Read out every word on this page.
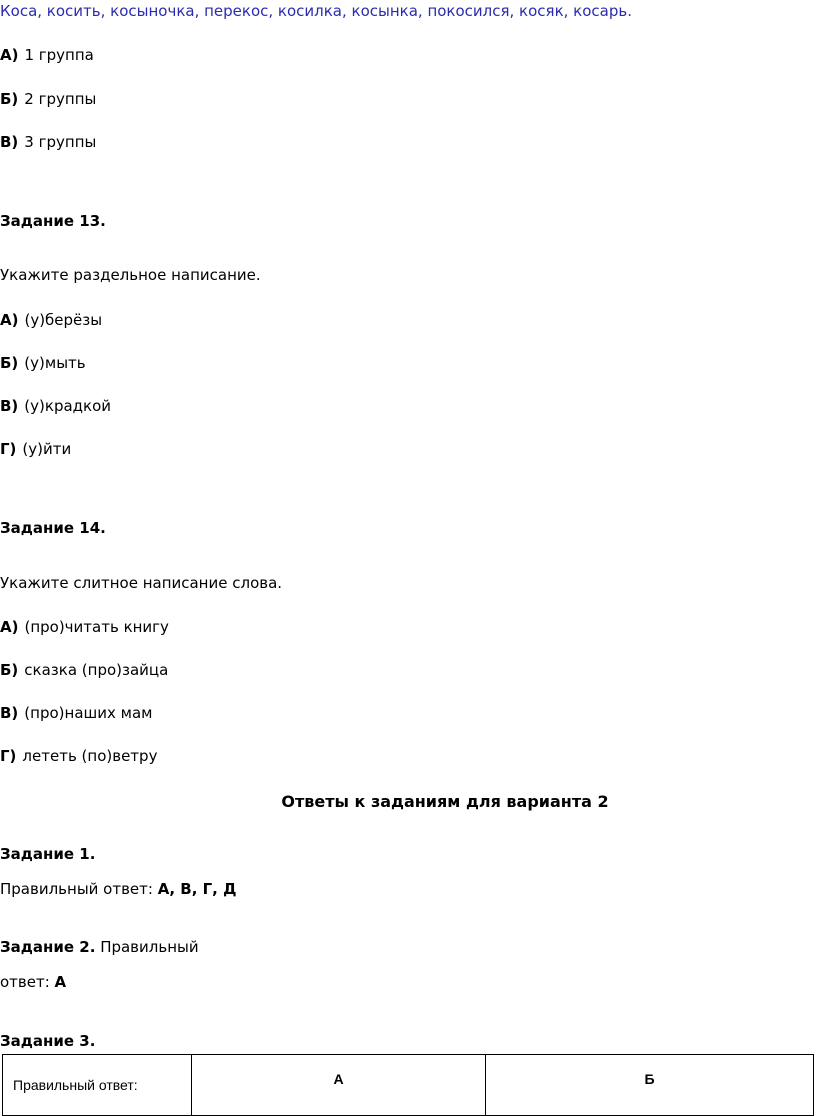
Коса, косить, косыночка, перекос, косилка, косынка, покосился, косяк, косарь.
А) 1 группа
Б) 2 группы
В) 3 группы
Задание 13.
Укажите раздельное написание.
А) (у)берёзы
Б) (у)мыть
В) (у)крадкой
Г) (у)йти
Задание 14.
Укажите слитное написание слова.
А) (про)читать книгу
Б) сказка (про)зайца
В) (про)наших мам
Г) лететь (по)ветру
Ответы к заданиям для варианта 2
Задание 1.
Правильный ответ: А, В, Г, Д
Задание 2. Правильный
ответ: А
Задание 3.
Правильный ответ:	А	Б
